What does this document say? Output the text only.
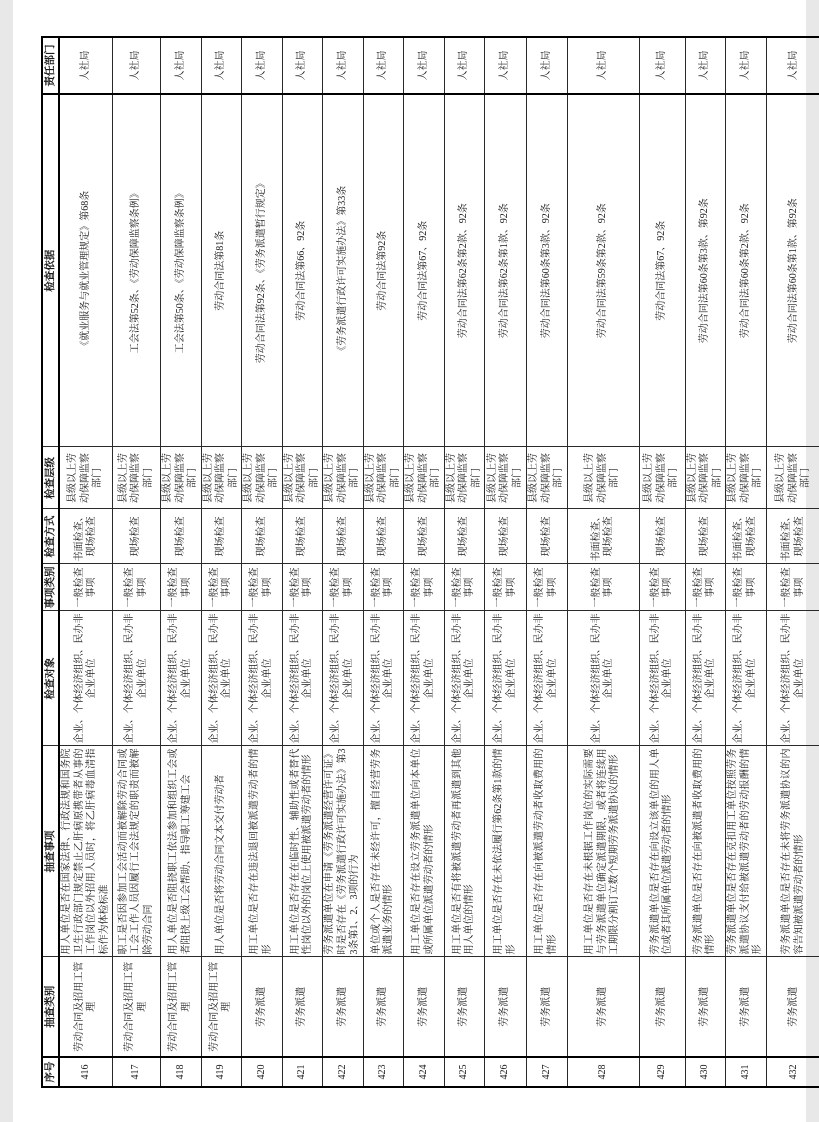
序号	抽查类别	抽查事项	检查对象	事项类别	检查方式	检查层级	检查依据	责任部门
416	劳动合同及招用工管理	用人单位是否在国家法律、行政法规和国务院卫生行政部门规定禁止乙肝病原携带者从事的工作岗位以外招用人员时，将乙肝病毒血清指标作为体检标准	企业、个体经济组织、民办非企业单位	一般检查事项	书面检查、现场检查	县级以上劳动保障监察部门	《就业服务与就业管理规定》第68条	人社局
417	劳动合同及招用工管理	职工是否因参加工会活动而被解除劳动合同或工会工作人员因履行工会法规定的职责而被解除劳动合同	企业、个体经济组织、民办非企业单位	一般检查事项	现场检查	县级以上劳动保障监察部门	工会法第52条、《劳动保障监察条例》	人社局
418	劳动合同及招用工管理	用人单位是否阻挠职工依法参加和组织工会或者阻挠上级工会帮助、指导职工筹建工会	企业、个体经济组织、民办非企业单位	一般检查事项	现场检查	县级以上劳动保障监察部门	工会法第50条、《劳动保障监察条例》	人社局
419	劳动合同及招用工管理	用人单位是否将劳动合同文本交付劳动者	企业、个体经济组织、民办非企业单位	一般检查事项	现场检查	县级以上劳动保障监察部门	劳动合同法第81条	人社局
420	劳务派遣	用工单位是否存在违法退回被派遣劳动者的情形	企业、个体经济组织、民办非企业单位	一般检查事项	现场检查	县级以上劳动保障监察部门	劳动合同法第92条、《劳务派遣暂行规定》	人社局
421	劳务派遣	用工单位是否存在在临时性、辅助性或者替代性岗位以外的岗位上使用被派遣劳动者的情形	企业、个体经济组织、民办非企业单位	一般检查事项	现场检查	县级以上劳动保障监察部门	劳动合同法第66、92条	人社局
422	劳务派遣	劳务派遣单位在申请《劳务派遣经营许可证》时是否存在《劳务派遣行政许可实施办法》第33条第1、2、3项的行为	企业、个体经济组织、民办非企业单位	一般检查事项	现场检查	县级以上劳动保障监察部门	《劳务派遣行政许可实施办法》第33条	人社局
423	劳务派遣	单位或个人是否存在未经许可，擅自经营劳务派遣业务的情形	企业、个体经济组织、民办非企业单位	一般检查事项	现场检查	县级以上劳动保障监察部门	劳动合同法第92条	人社局
424	劳务派遣	用工单位是否存在设立劳务派遣单位向本单位或所属单位派遣劳动者的情形	企业、个体经济组织、民办非企业单位	一般检查事项	现场检查	县级以上劳动保障监察部门	劳动合同法第67、92条	人社局
425	劳务派遣	用工单位是否有将被派遣劳动者再派遣到其他用人单位的情形	企业、个体经济组织、民办非企业单位	一般检查事项	现场检查	县级以上劳动保障监察部门	劳动合同法第62条第2款、92条	人社局
426	劳务派遣	用工单位是否存在未依法履行第62条第1款的情形	企业、个体经济组织、民办非企业单位	一般检查事项	现场检查	县级以上劳动保障监察部门	劳动合同法第62条第1款、92条	人社局
427	劳务派遣	用工单位是否存在向被派遣劳动者收取费用的情形	企业、个体经济组织、民办非企业单位	一般检查事项	现场检查	县级以上劳动保障监察部门	劳动合同法第60条第3款、92条	人社局
428	劳务派遣	用工单位是否存在未根据工作岗位的实际需要与劳务派遣单位确定派遣期限，或者将连续用工期限分割订立数个短期劳务派遣协议的情形	企业、个体经济组织、民办非企业单位	一般检查事项	书面检查、现场检查	县级以上劳动保障监察部门	劳动合同法第59条第2款、92条	人社局
429	劳务派遣	劳务派遣单位是否存在向设立该单位的用人单位或者其所属单位派遣劳动者的情形	企业、个体经济组织、民办非企业单位	一般检查事项	现场检查	县级以上劳动保障监察部门	劳动合同法第67、92条	人社局
430	劳务派遣	劳务派遣单位是否存在向被派遣者收取费用的情形	企业、个体经济组织、民办非企业单位	一般检查事项	现场检查	县级以上劳动保障监察部门	劳动合同法第60条第3款、第92条	人社局
431	劳务派遣	劳务派遣单位是否存在克扣用工单位按照劳务派遣协议支付给被派遣劳动者的劳动报酬的情形	企业、个体经济组织、民办非企业单位	一般检查事项	书面检查、现场检查	县级以上劳动保障监察部门	劳动合同法第60条第2款、92条	人社局
432	劳务派遣	劳务派遣单位是否存在未将劳务派遣协议的内容告知被派遣劳动者的情形	企业、个体经济组织、民办非企业单位	一般检查事项	书面检查、现场检查	县级以上劳动保障监察部门	劳动合同法第60条第1款、第92条	人社局
